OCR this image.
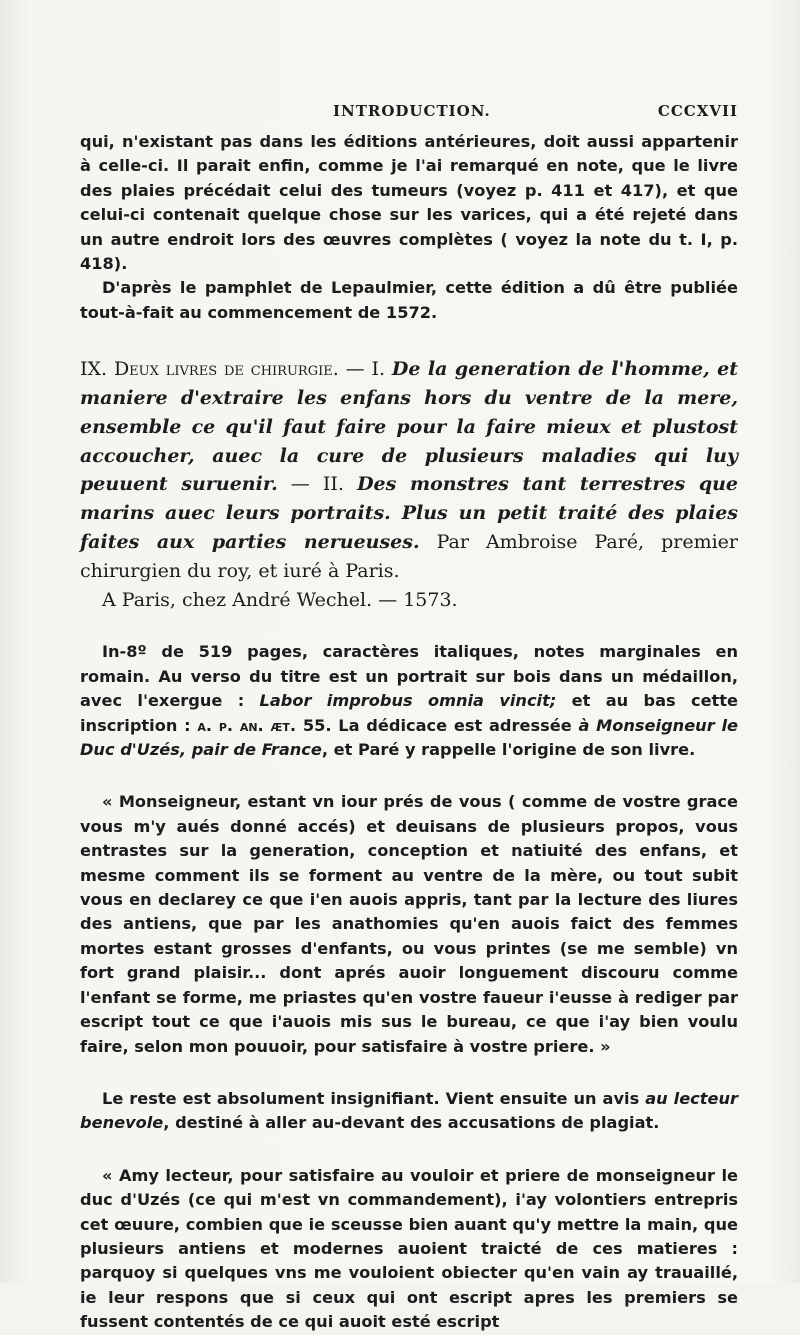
INTRODUCTION.	CCCXVII

qui, n'existant pas dans les éditions antérieures, doit aussi appartenir à celle-ci. Il parait enfin, comme je l'ai remarqué en note, que le livre des plaies précédait celui des tumeurs (voyez p. 411 et 417), et que celui-ci contenait quelque chose sur les varices, qui a été rejeté dans un autre endroit lors des œuvres complètes ( voyez la note du t. I, p. 418).

D'après le pamphlet de Lepaulmier, cette édition a dû être publiée tout-à-fait au commencement de 1572.

IX. Deux livres de chirurgie. — I. De la generation de l'homme, et maniere d'extraire les enfans hors du ventre de la mere, ensemble ce qu'il faut faire pour la faire mieux et plustost accoucher, auec la cure de plusieurs maladies qui luy peuuent suruenir. — II. Des monstres tant terrestres que marins auec leurs portraits. Plus un petit traité des plaies faites aux parties nerueuses. Par Ambroise Paré, premier chirurgien du roy, et iuré à Paris.

A Paris, chez André Wechel. — 1573.

In-8º de 519 pages, caractères italiques, notes marginales en romain. Au verso du titre est un portrait sur bois dans un médaillon, avec l'exergue : Labor improbus omnia vincit; et au bas cette inscription : a. p. an. æt. 55. La dédicace est adressée à Monseigneur le Duc d'Uzés, pair de France, et Paré y rappelle l'origine de son livre.

« Monseigneur, estant vn iour prés de vous ( comme de vostre grace vous m'y aués donné accés) et deuisans de plusieurs propos, vous entrastes sur la generation, conception et natiuité des enfans, et mesme comment ils se forment au ventre de la mère, ou tout subit vous en declarey ce que i'en auois appris, tant par la lecture des liures des antiens, que par les anathomies qu'en auois faict des femmes mortes estant grosses d'enfants, ou vous printes (se me semble) vn fort grand plaisir... dont aprés auoir longuement discouru comme l'enfant se forme, me priastes qu'en vostre faueur i'eusse à rediger par escript tout ce que i'auois mis sus le bureau, ce que i'ay bien voulu faire, selon mon pouuoir, pour satisfaire à vostre priere. »

Le reste est absolument insignifiant. Vient ensuite un avis au lecteur benevole, destiné à aller au-devant des accusations de plagiat.

« Amy lecteur, pour satisfaire au vouloir et priere de monseigneur le duc d'Uzés (ce qui m'est vn commandement), i'ay volontiers entrepris cet œuure, combien que ie sceusse bien auant qu'y mettre la main, que plusieurs antiens et modernes auoient traicté de ces matieres : parquoy si quelques vns me vouloient obiecter qu'en vain ay trauaillé, ie leur respons que si ceux qui ont escript apres les premiers se fussent contentés de ce qui auoit esté escript
